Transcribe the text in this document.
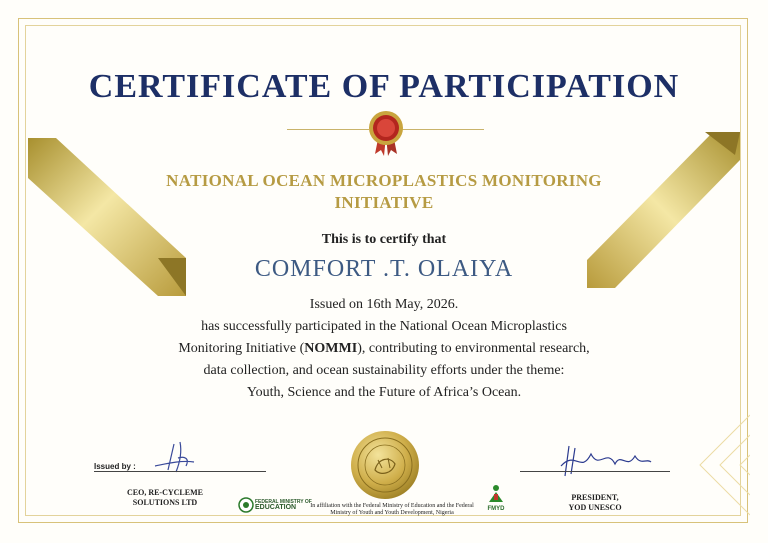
CERTIFICATE OF PARTICIPATION
NATIONAL OCEAN MICROPLASTICS MONITORING INITIATIVE
This is to certify that
COMFORT .T. OLAIYA

Issued on 16th May, 2026.

has successfully participated in the National Ocean Microplastics

Monitoring Initiative (NOMMI), contributing to environmental research,

data collection, and ocean sustainability efforts under the theme:

Youth, Science and the Future of Africa’s Ocean.

Issued by :
CEO, RE-CYCLEME
SOLUTIONS LTD	FEDERAL MINISTRY OF
EDUCATION	In affiliation with the Federal Ministry of Education and the Federal Ministry of Youth and Youth Development, Nigeria
FMYD
PRESIDENT,
YOD UNESCO
